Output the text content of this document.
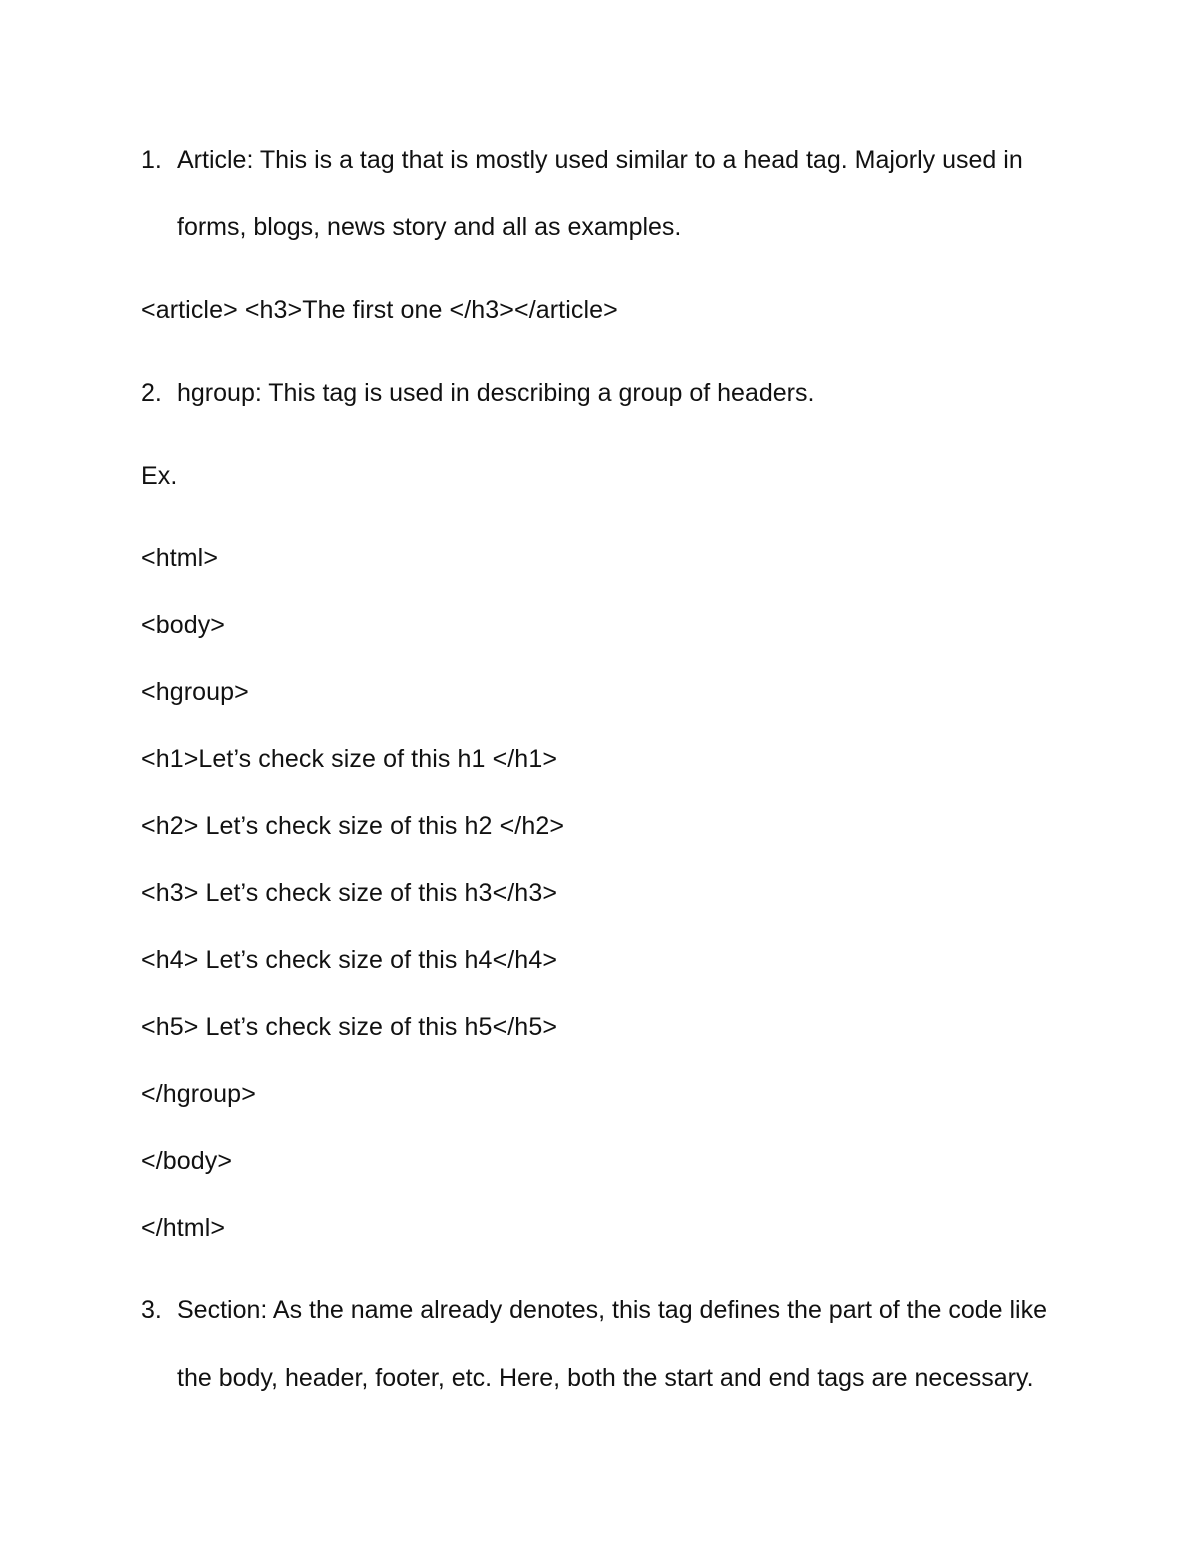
1. Article: This is a tag that is mostly used similar to a head tag. Majorly used in
forms, blogs, news story and all as examples.
<article> <h3>The first one </h3></article>
2. hgroup: This tag is used in describing a group of headers.
Ex.
<html>
<body>
<hgroup>
<h1>Let’s check size of this h1 </h1>
<h2> Let’s check size of this h2 </h2>
<h3> Let’s check size of this h3</h3>
<h4> Let’s check size of this h4</h4>
<h5> Let’s check size of this h5</h5>
</hgroup>
</body>
</html>
3. Section: As the name already denotes, this tag defines the part of the code like
the body, header, footer, etc. Here, both the start and end tags are necessary.
